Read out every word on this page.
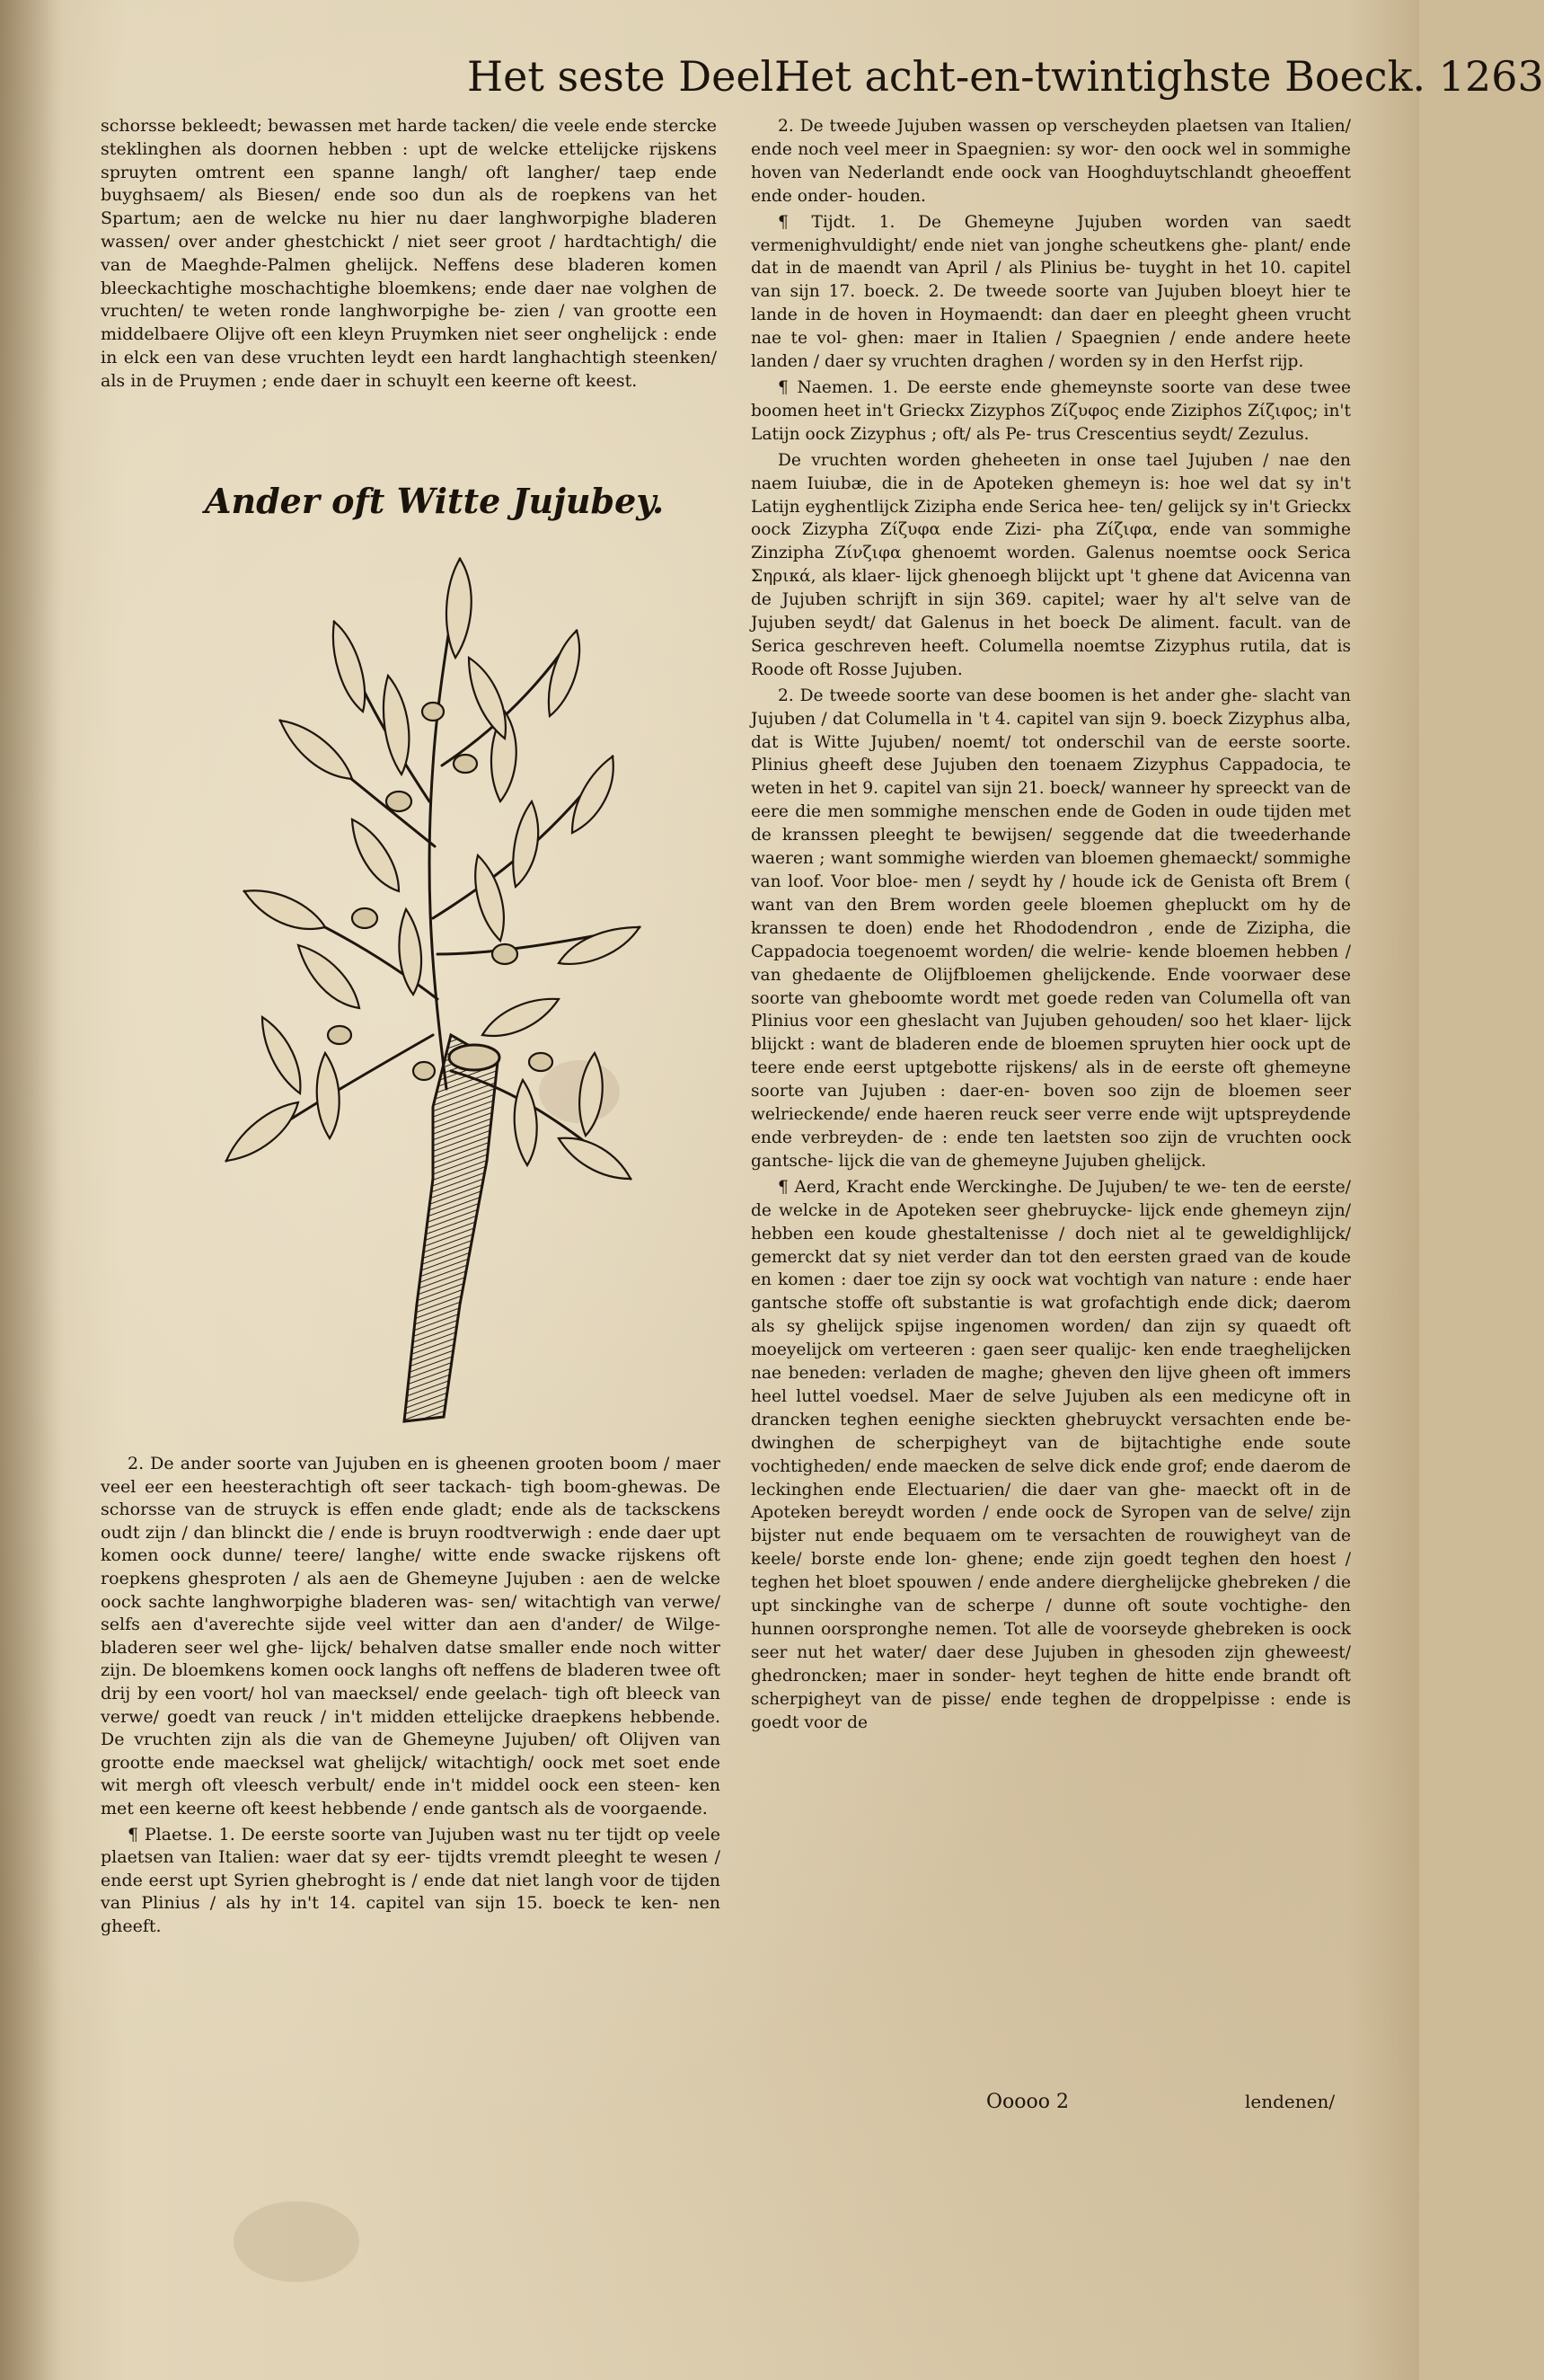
Het seste Deel.
Het acht-en-twintighste Boeck. 1263

schorsse bekleedt; bewassen met harde tacken/ die veele ende stercke steklinghen als doornen hebben : upt de welcke ettelijcke rijskens spruyten omtrent een spanne langh/ oft langher/ taep ende buyghsaem/ als Biesen/ ende soo dun als de roepkens van het Spartum; aen de welcke nu hier nu daer langhworpighe bladeren wassen/ over ander ghestchickt / niet seer groot / hardtachtigh/ die van de Maeghde-Palmen ghelijck. Neffens dese bladeren komen bleeckachtighe moschachtighe bloemkens; ende daer nae volghen de vruchten/ te weten ronde langhworpighe be- zien / van grootte een middelbaere Olijve oft een kleyn Pruymken niet seer onghelijck : ende in elck een van dese vruchten leydt een hardt langhachtigh steenken/ als in de Pruymen ; ende daer in schuylt een keerne oft keest.

Ander oft Witte Jujubey.

2. De ander soorte van Jujuben en is gheenen grooten boom / maer veel eer een heesterachtigh oft seer tackach- tigh boom-ghewas. De schorsse van de struyck is effen ende gladt; ende als de tacksckens oudt zijn / dan blinckt die / ende is bruyn roodtverwigh : ende daer upt komen oock dunne/ teere/ langhe/ witte ende swacke rijskens oft roepkens ghesproten / als aen de Ghemeyne Jujuben : aen de welcke oock sachte langhworpighe bladeren was- sen/ witachtigh van verwe/ selfs aen d'averechte sijde veel witter dan aen d'ander/ de Wilge-bladeren seer wel ghe- lijck/ behalven datse smaller ende noch witter zijn. De bloemkens komen oock langhs oft neffens de bladeren twee oft drij by een voort/ hol van maecksel/ ende geelach- tigh oft bleeck van verwe/ goedt van reuck / in't midden ettelijcke draepkens hebbende. De vruchten zijn als die van de Ghemeyne Jujuben/ oft Olijven van grootte ende maecksel wat ghelijck/ witachtigh/ oock met soet ende wit mergh oft vleesch verbult/ ende in't middel oock een steen- ken met een keerne oft keest hebbende / ende gantsch als de voorgaende.

¶ Plaetse. 1. De eerste soorte van Jujuben wast nu ter tijdt op veele plaetsen van Italien: waer dat sy eer- tijdts vremdt pleeght te wesen / ende eerst upt Syrien ghebroght is / ende dat niet langh voor de tijden van Plinius / als hy in't 14. capitel van sijn 15. boeck te ken- nen gheeft.

2. De tweede Jujuben wassen op verscheyden plaetsen van Italien/ ende noch veel meer in Spaegnien: sy wor- den oock wel in sommighe hoven van Nederlandt ende oock van Hooghduytschlandt gheoeffent ende onder- houden.

¶ Tijdt. 1. De Ghemeyne Jujuben worden van saedt vermenighvuldight/ ende niet van jonghe scheutkens ghe- plant/ ende dat in de maendt van April / als Plinius be- tuyght in het 10. capitel van sijn 17. boeck. 2. De tweede soorte van Jujuben bloeyt hier te lande in de hoven in Hoymaendt: dan daer en pleeght gheen vrucht nae te vol- ghen: maer in Italien / Spaegnien / ende andere heete landen / daer sy vruchten draghen / worden sy in den Herfst rijp.

¶ Naemen. 1. De eerste ende ghemeynste soorte van dese twee boomen heet in't Grieckx Zizyphos Ζίζυφος ende Ziziphos Ζίζιφος; in't Latijn oock Zizyphus ; oft/ als Pe- trus Crescentius seydt/ Zezulus.

De vruchten worden gheheeten in onse tael Jujuben / nae den naem Iuiubæ, die in de Apoteken ghemeyn is: hoe wel dat sy in't Latijn eyghentlijck Ziziphа ende Serica hee- ten/ gelijck sy in't Grieckx oock Zizyphа Ζίζυφα ende Zizi- pha Ζίζιφα, ende van sommighe Zinzipha Ζίνζιφα ghenoemt worden. Galenus noemtse oock Serica Σηρικά, als klaer- lijck ghenoegh blijckt upt 't ghene dat Avicenna van de Jujuben schrijft in sijn 369. capitel; waer hy al't selve van de Jujuben seydt/ dat Galenus in het boeck De aliment. facult. van de Serica geschreven heeft. Columella noemtse Zizyphus rutila, dat is Roode oft Rosse Jujuben.

2. De tweede soorte van dese boomen is het ander ghe- slacht van Jujuben / dat Columella in 't 4. capitel van sijn 9. boeck Zizyphus alba, dat is Witte Jujuben/ noemt/ tot onderschil van de eerste soorte. Plinius gheeft dese Jujuben den toenaem Zizyphus Cappadocia, te weten in het 9. capitel van sijn 21. boeck/ wanneer hy spreeckt van de eere die men sommighe menschen ende de Goden in oude tijden met de kranssen pleeght te bewijsen/ seggende dat die tweederhande waeren ; want sommighe wierden van bloemen ghemaeckt/ sommighe van loof. Voor bloe- men / seydt hy / houde ick de Genista oft Brem ( want van den Brem worden geele bloemen ghepluckt om hy de kranssen te doen) ende het Rhododendron , ende de Zizipha, die Cappadocia toegenoemt worden/ die welrie- kende bloemen hebben / van ghedaente de Olijfbloemen ghelijckende. Ende voorwaer dese soorte van gheboomte wordt met goede reden van Columella oft van Plinius voor een gheslacht van Jujuben gehouden/ soo het klaer- lijck blijckt : want de bladeren ende de bloemen spruyten hier oock upt de teere ende eerst uptgebotte rijskens/ als in de eerste oft ghemeyne soorte van Jujuben : daer-en- boven soo zijn de bloemen seer welrieckende/ ende haeren reuck seer verre ende wijt uptsprеydende ende verbreyden- de : ende ten laetsten soo zijn de vruchten oock gantsche- lijck die van de ghemeyne Jujuben ghelijck.

¶ Aerd, Kracht ende Werckinghe. De Jujuben/ te we- ten de eerste/ de welcke in de Apoteken seer ghebruyckе- lijck ende ghemeyn zijn/ hebben een koude ghestaltenisse / doch niet al te geweldighlijck/ gemerckt dat sy niet verder dan tot den eersten graed van de koude en komen : daer toe zijn sy oock wat vochtigh van nature : ende haer gantsche stoffe oft substantie is wat grofachtigh ende dick; daerom als sy ghelijck spijse ingenomen worden/ dan zijn sy quaedt oft moeyelijck om verteeren : gaen seer qualijc- ken ende traeghelijcken nae beneden: verladen de maghe; gheven den lijve gheen oft immers heel luttel voedsel. Maer de selve Jujuben als een medicyne oft in dranckеn teghen eenighe siecktеn ghebruyckt versachten ende be- dwinghen de scherpigheyt van de bijtachtighe ende soute vochtigheden/ ende maecken de selve dick ende grof; ende daerom de leckinghen ende Electuarien/ die daer van ghe- maeckt oft in de Apoteken bereydt worden / ende oock de Syropen van de selve/ zijn bijster nut ende bequaem om te versachten de rouwigheyt van de keele/ borste ende lon- ghene; ende zijn goedt teghen den hoest / teghen het bloet spouwen / ende andere dierghelijcke ghebreken / die upt sinckinghe van de scherpe / dunne oft soute vochtighe- den hunnen oorspronghe nemen. Tot alle de voorseyde ghebreken is oock seer nut het water/ daer dese Jujuben in ghesoden zijn gheweest/ ghedroncken; maer in sonder- heyt teghen de hitte ende brandt oft scherpigheyt van de pisse/ ende teghen de droppelpisse : ende is goedt voor de

Ooooo 2	lendenen/
